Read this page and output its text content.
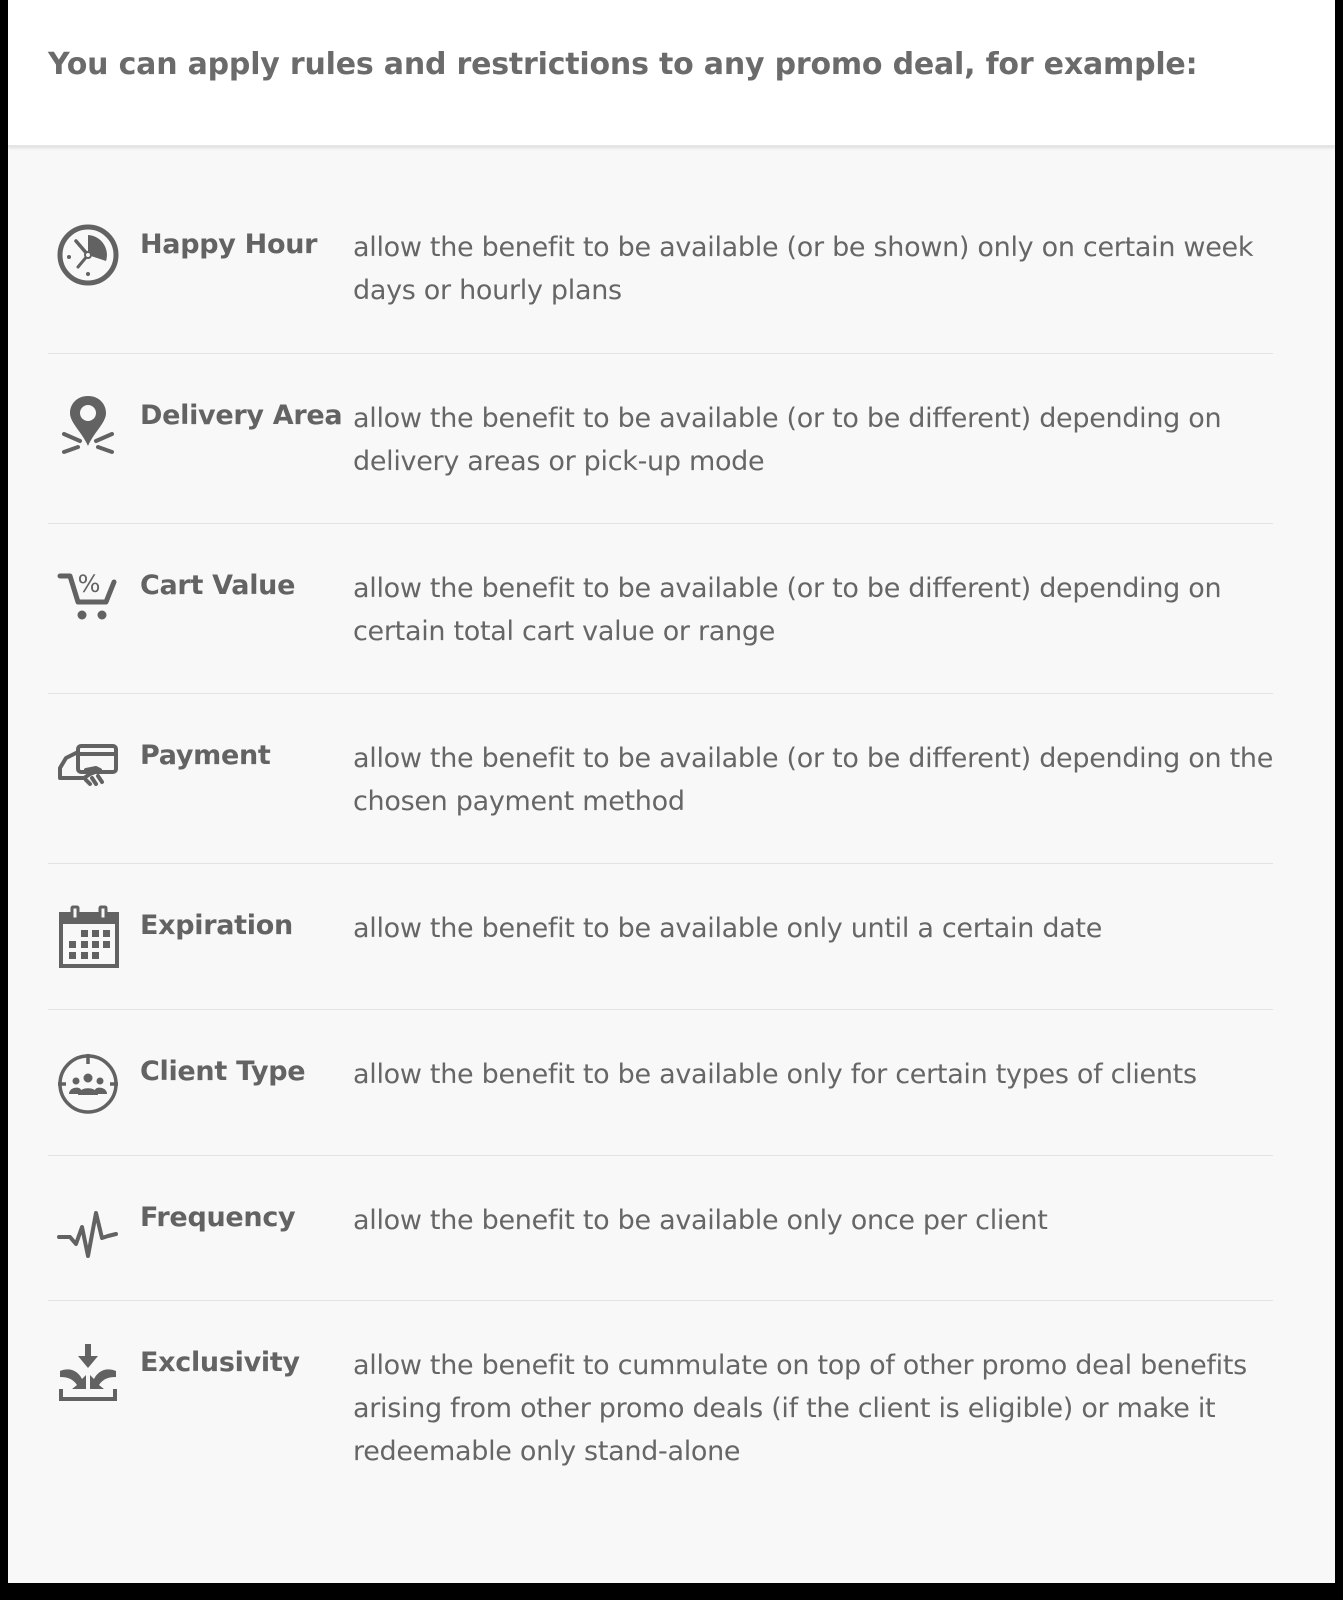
You can apply rules and restrictions to any promo deal, for example:
Happy Hour allow the benefit to be available (or be shown) only on certain week days or hourly plans
Delivery Area allow the benefit to be available (or to be different) depending on delivery areas or pick-up mode
% Cart Value allow the benefit to be available (or to be different) depending on certain total cart value or range
Payment	allow the benefit to be available (or to be different) depending on the chosen payment method
Expiration allow the benefit to be available only until a certain date
Client Type allow the benefit to be available only for certain types of clients
Frequency allow the benefit to be available only once per client
Exclusivity allow the benefit to cummulate on top of other promo deal benefits arising from other promo deals (if the client is eligible) or make it redeemable only stand-alone
